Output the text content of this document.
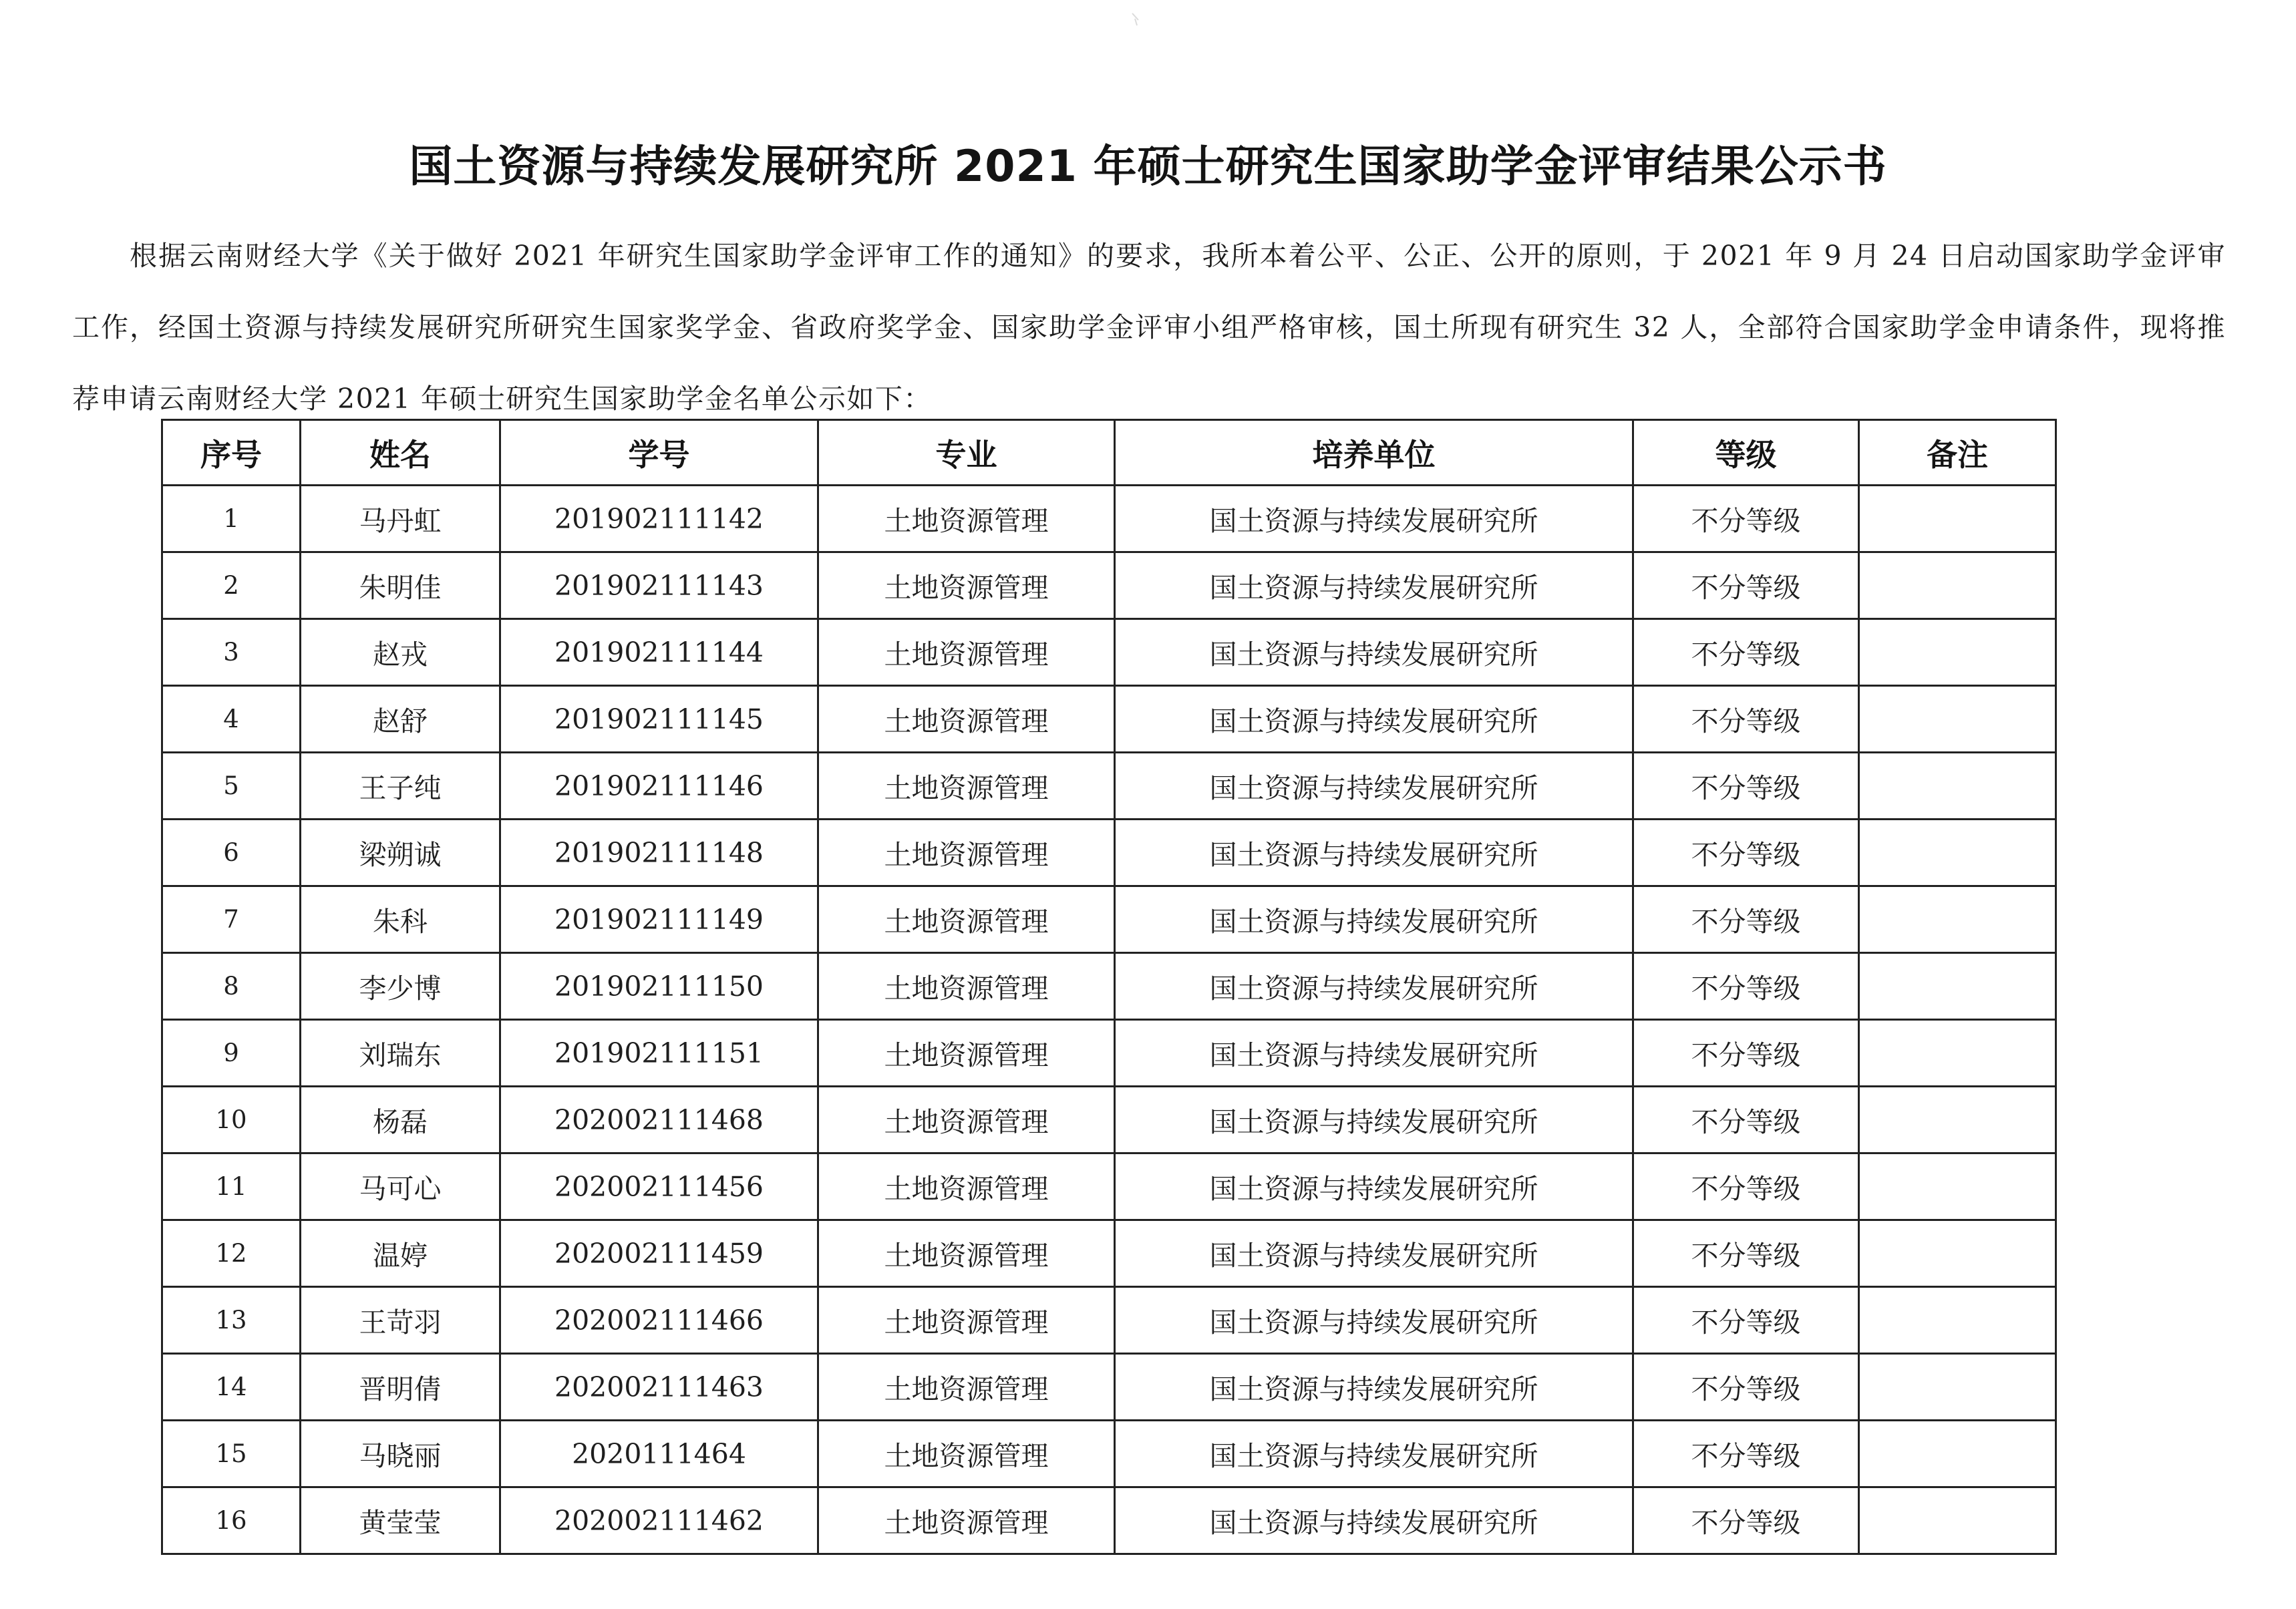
国土资源与持续发展研究所 2021 年硕士研究生国家助学金评审结果公示书

根据云南财经大学《关于做好 2021 年研究生国家助学金评审工作的通知》的要求，我所本着公平、公正、公开的原则，于 2021 年 9 月 24 日启动国家助学金评审工作，经国土资源与持续发展研究所研究生国家奖学金、省政府奖学金、国家助学金评审小组严格审核，国土所现有研究生 32 人，全部符合国家助学金申请条件，现将推荐申请云南财经大学 2021 年硕士研究生国家助学金名单公示如下：

序号	姓名	学号	专业	培养单位	等级	备注
1	马丹虹	201902111142	土地资源管理	国土资源与持续发展研究所	不分等级	
2	朱明佳	201902111143	土地资源管理	国土资源与持续发展研究所	不分等级	
3	赵戎	201902111144	土地资源管理	国土资源与持续发展研究所	不分等级	
4	赵舒	201902111145	土地资源管理	国土资源与持续发展研究所	不分等级	
5	王子纯	201902111146	土地资源管理	国土资源与持续发展研究所	不分等级	
6	梁朔诚	201902111148	土地资源管理	国土资源与持续发展研究所	不分等级	
7	朱科	201902111149	土地资源管理	国土资源与持续发展研究所	不分等级	
8	李少博	201902111150	土地资源管理	国土资源与持续发展研究所	不分等级	
9	刘瑞东	201902111151	土地资源管理	国土资源与持续发展研究所	不分等级	
10	杨磊	202002111468	土地资源管理	国土资源与持续发展研究所	不分等级	
11	马可心	202002111456	土地资源管理	国土资源与持续发展研究所	不分等级	
12	温婷	202002111459	土地资源管理	国土资源与持续发展研究所	不分等级	
13	王苛羽	202002111466	土地资源管理	国土资源与持续发展研究所	不分等级	
14	晋明倩	202002111463	土地资源管理	国土资源与持续发展研究所	不分等级	
15	马晓丽	2020111464	土地资源管理	国土资源与持续发展研究所	不分等级	
16	黄莹莹	202002111462	土地资源管理	国土资源与持续发展研究所	不分等级	
